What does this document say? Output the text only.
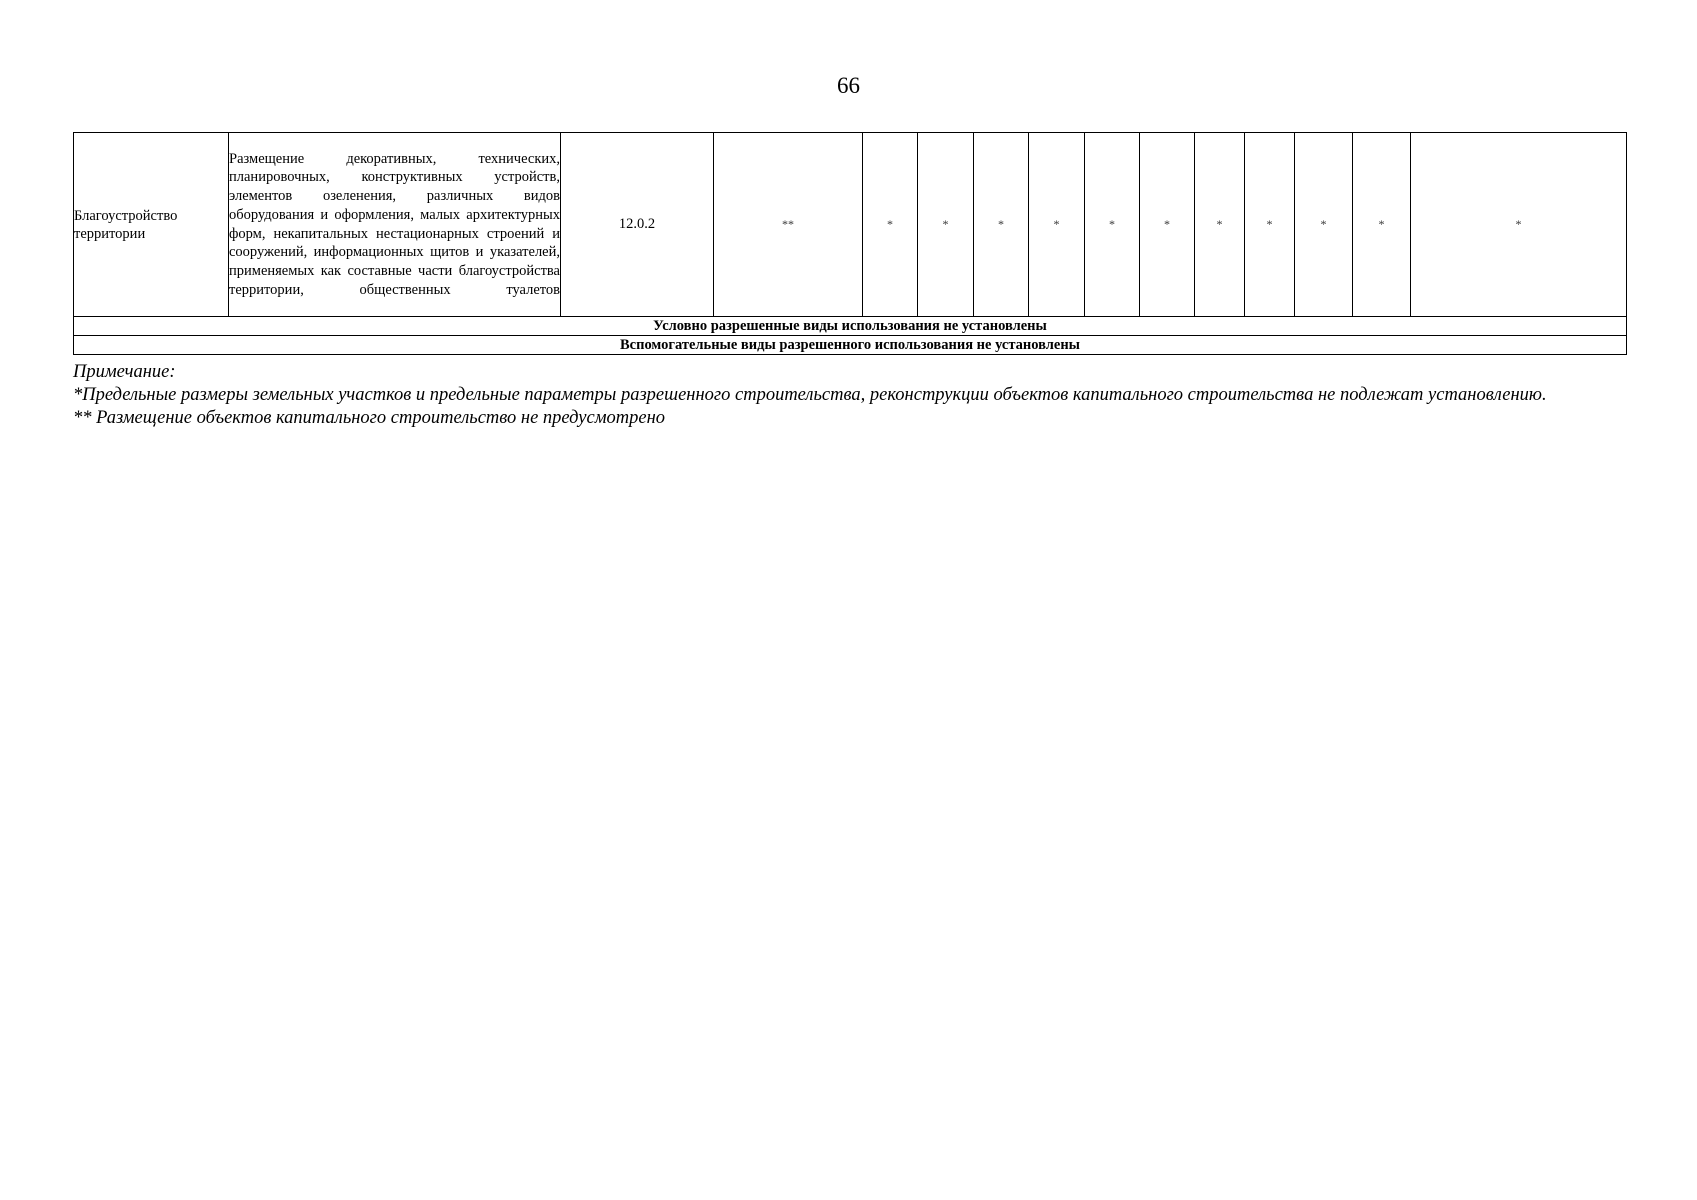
66
Благоустройство территории	Размещение декоративных, технических, планировочных, конструктивных устройств, элементов озеленения, различных видов оборудования и оформления, малых архитектурных форм, некапитальных нестационарных строений и сооружений, информационных щитов и указателей, применяемых как составные части благоустройства территории, общественных туалетов	12.0.2	**	*	*	*	*	*	*	*	*	*	*	*
Условно разрешенные виды использования не установлены
Вспомогательные виды разрешенного использования не установлены

Примечание:

*Предельные размеры земельных участков и предельные параметры разрешенного строительства, реконструкции объектов капитального строительства не подлежат установлению.

** Размещение объектов капитального строительство не предусмотрено
